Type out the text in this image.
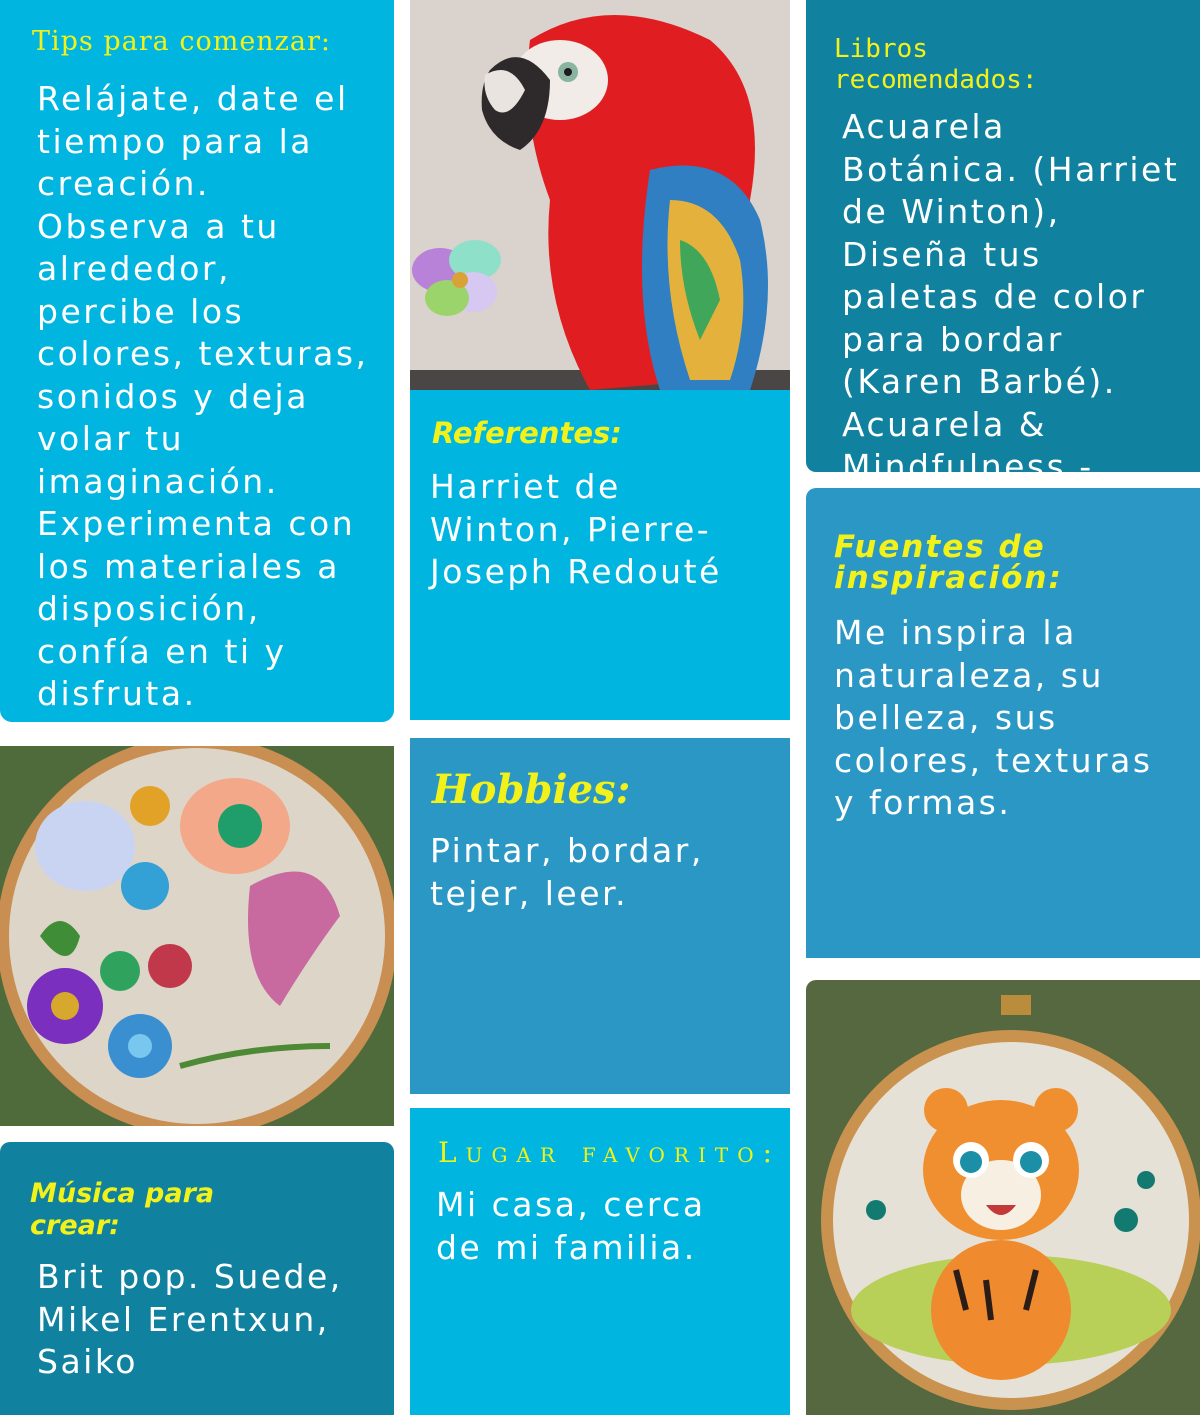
Tips para comenzar:

Relájate, date el tiempo para la creación. Observa a tu alrededor, percibe los colores, texturas, sonidos y deja volar tu imaginación. Experimenta con los materiales a disposición, confía en ti y disfruta.

Referentes:

Harriet de Winton, Pierre-Joseph Redouté

Libros recomendados:

Acuarela Botánica. (Harriet de Winton), Diseña tus paletas de color para bordar (Karen Barbé). Acuarela & Mindfulness -

Fuentes de inspiración:

Me inspira la naturaleza, su belleza, sus colores, texturas y formas.

Hobbies:

Pintar, bordar, tejer, leer.

Música para crear:

Brit pop. Suede, Mikel Erentxun, Saiko

Lugar favorito:

Mi casa, cerca de mi familia.
